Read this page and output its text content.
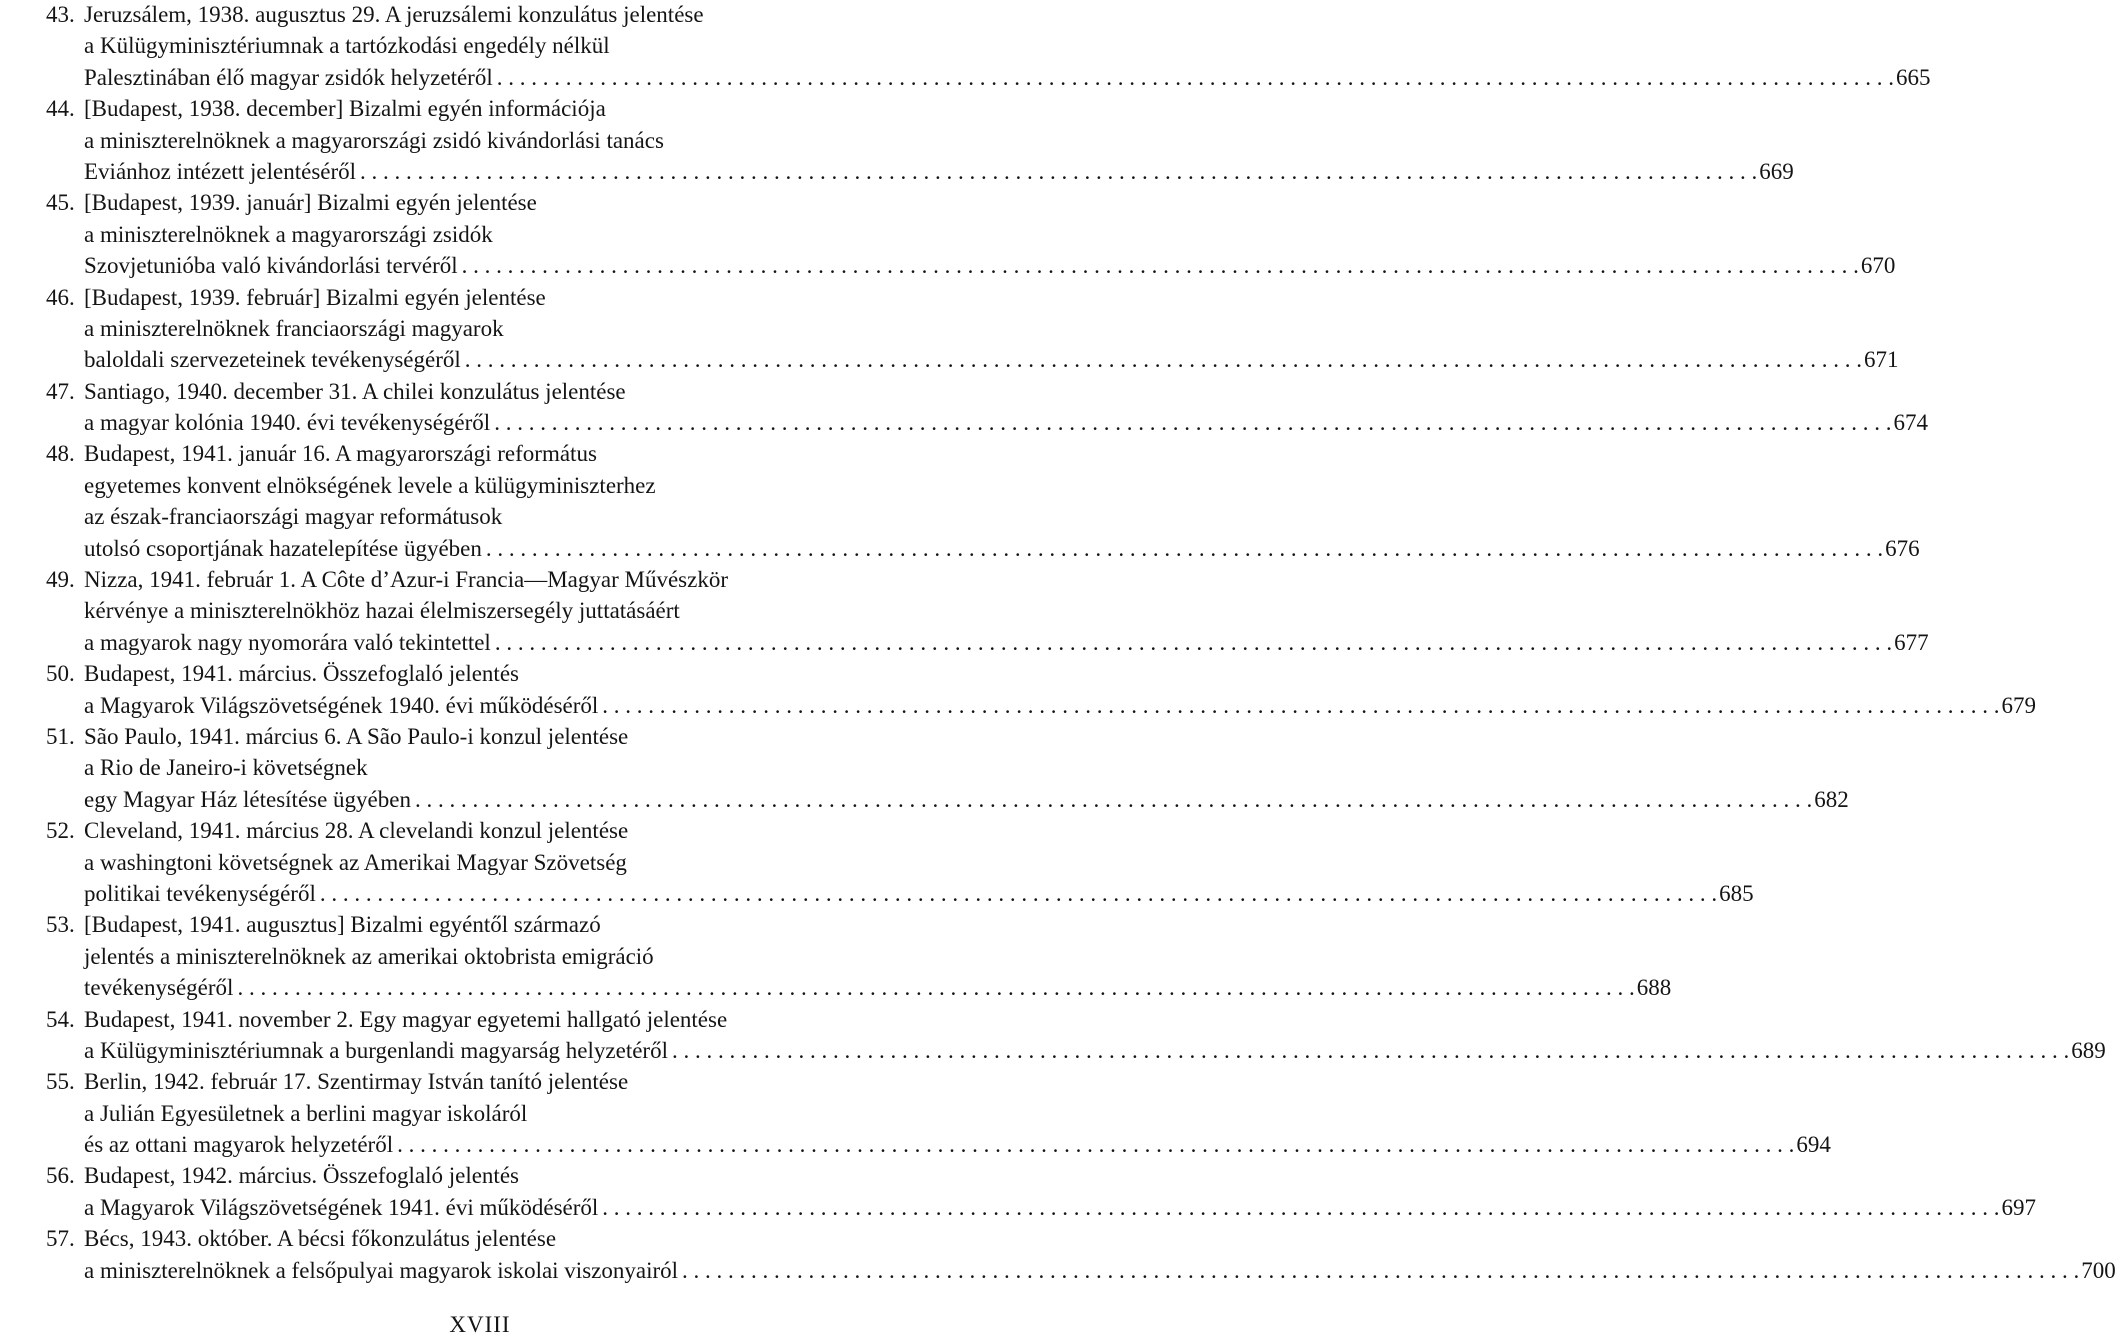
43. Jeruzsálem, 1938. augusztus 29. A jeruzsálemi konzulátus jelentése
a Külügyminisztériumnak a tartózkodási engedély nélkül
Palesztinában élő magyar zsidók helyzetéről . . .	665
44. [Budapest, 1938. december] Bizalmi egyén információja
a miniszterelnöknek a magyarországi zsidó kivándorlási tanács
Eviánhoz intézett jelentéséről . . .	669
45. [Budapest, 1939. január] Bizalmi egyén jelentése
a miniszterelnöknek a magyarországi zsidók
Szovjetunióba való kivándorlási tervéről . . .	670
46. [Budapest, 1939. február] Bizalmi egyén jelentése
a miniszterelnöknek franciaországi magyarok
baloldali szervezeteinek tevékenységéről . . .	671
47. Santiago, 1940. december 31. A chilei konzulátus jelentése
a magyar kolónia 1940. évi tevékenységéről . . .	674
48. Budapest, 1941. január 16. A magyarországi református
egyetemes konvent elnökségének levele a külügyminiszterhez
az észak-franciaországi magyar reformátusok
utolsó csoportjának hazatelepítése ügyében . . .	676
49. Nizza, 1941. február 1. A Côte d’Azur-i Francia—Magyar Művészkör
kérvénye a miniszterelnökhöz hazai élelmiszersegély juttatásáért
a magyarok nagy nyomorára való tekintettel . . .	677
50. Budapest, 1941. március. Összefoglaló jelentés
a Magyarok Világszövetségének 1940. évi működéséről . . .	679
51. São Paulo, 1941. március 6. A São Paulo-i konzul jelentése
a Rio de Janeiro-i követségnek
egy Magyar Ház létesítése ügyében . . .	682
52. Cleveland, 1941. március 28. A clevelandi konzul jelentése
a washingtoni követségnek az Amerikai Magyar Szövetség
politikai tevékenységéről . . .	685
53. [Budapest, 1941. augusztus] Bizalmi egyéntől származó
jelentés a miniszterelnöknek az amerikai oktobrista emigráció
tevékenységéről . . .	688
54. Budapest, 1941. november 2. Egy magyar egyetemi hallgató jelentése
a Külügyminisztériumnak a burgenlandi magyarság helyzetéről . . .	689
55. Berlin, 1942. február 17. Szentirmay István tanító jelentése
a Julián Egyesületnek a berlini magyar iskoláról
és az ottani magyarok helyzetéről . . .	694
56. Budapest, 1942. március. Összefoglaló jelentés
a Magyarok Világszövetségének 1941. évi működéséről . . .	697
57. Bécs, 1943. október. A bécsi főkonzulátus jelentése
a miniszterelnöknek a felsőpulyai magyarok iskolai viszonyairól . . .	700
XVIII
